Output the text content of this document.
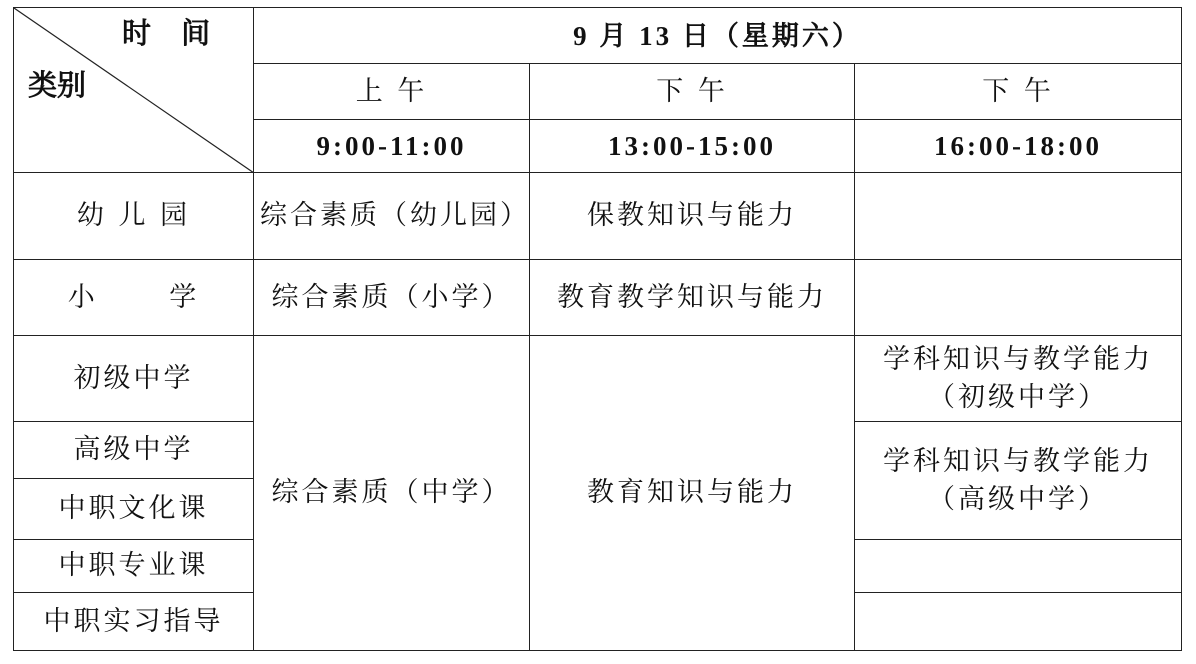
时 间
类别	9 月 13 日（星期六）		
	上 午	下 午	下 午
	9:00-11:00	13:00-15:00	16:00-18:00
幼 儿 园	综合素质（幼儿园）	保教知识与能力	
小 学	综合素质（小学）	教育教学知识与能力	
初级中学	综合素质（中学）	教育知识与能力	学科知识与教学能力
（初级中学）

高级中学			学科知识与教学能力
（高级中学）

中职文化课			
中职专业课			
中职实习指导			
